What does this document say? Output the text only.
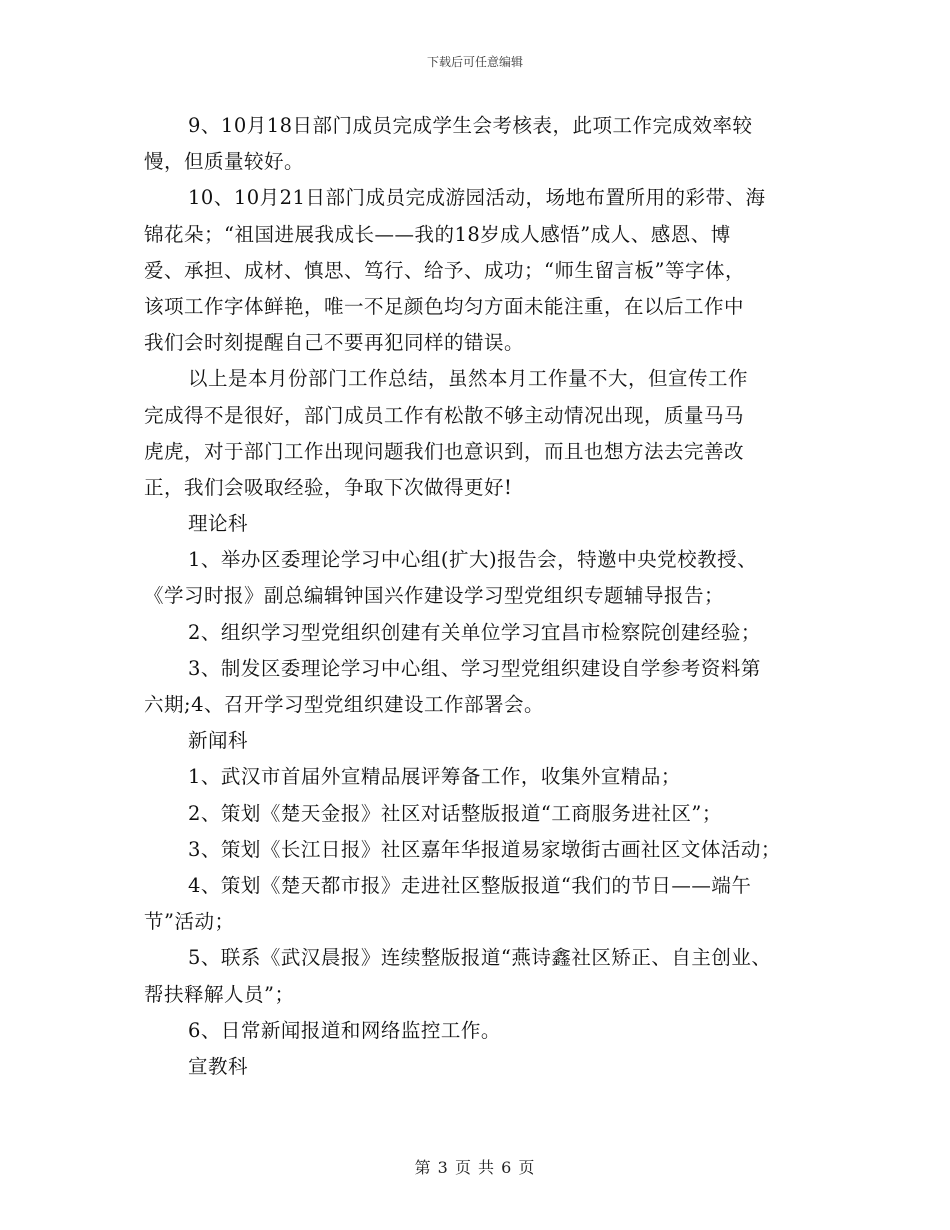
下载后可任意编辑
9、10月18日部门成员完成学生会考核表，此项工作完成效率较
慢，但质量较好。
10、10月21日部门成员完成游园活动，场地布置所用的彩带、海
锦花朵；“祖国进展我成长——我的18岁成人感悟”成人、感恩、博
爱、承担、成材、慎思、笃行、给予、成功；“师生留言板”等字体，
该项工作字体鲜艳，唯一不足颜色均匀方面未能注重，在以后工作中
我们会时刻提醒自己不要再犯同样的错误。
以上是本月份部门工作总结，虽然本月工作量不大，但宣传工作
完成得不是很好，部门成员工作有松散不够主动情况出现，质量马马
虎虎，对于部门工作出现问题我们也意识到，而且也想方法去完善改
正，我们会吸取经验，争取下次做得更好!
理论科
1、举办区委理论学习中心组(扩大)报告会，特邀中央党校教授、
《学习时报》副总编辑钟国兴作建设学习型党组织专题辅导报告；
2、组织学习型党组织创建有关单位学习宜昌市检察院创建经验；
3、制发区委理论学习中心组、学习型党组织建设自学参考资料第
六期;4、召开学习型党组织建设工作部署会。
新闻科
1、武汉市首届外宣精品展评筹备工作，收集外宣精品；
2、策划《楚天金报》社区对话整版报道“工商服务进社区”；
3、策划《长江日报》社区嘉年华报道易家墩街古画社区文体活动；
4、策划《楚天都市报》走进社区整版报道“我们的节日——端午
节”活动；
5、联系《武汉晨报》连续整版报道“燕诗鑫社区矫正、自主创业、
帮扶释解人员”；
6、日常新闻报道和网络监控工作。
宣教科
第 3 页 共 6 页
